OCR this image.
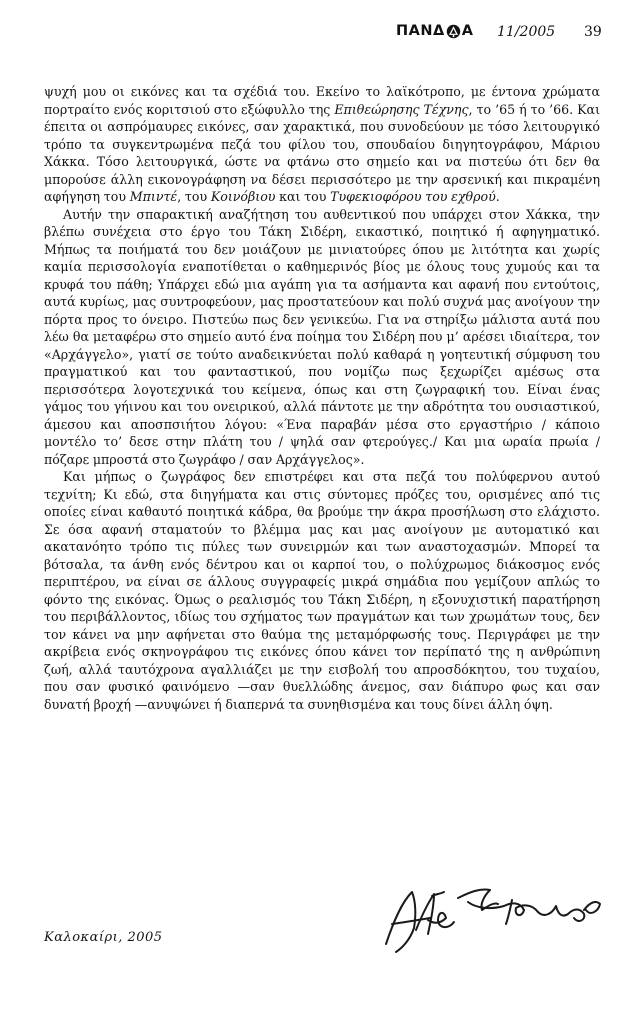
ΠΑΝΔ Α 11/2005 39

ψυχή μου οι εικόνες και τα σχέδιά του. Εκείνο το λαϊκότροπο, με έντονα χρώματα πορτραίτο ενός κοριτσιού στο εξώφυλλο της Επιθεώρησης Τέχνης, το ’65 ή το ’66. Και έπειτα οι ασπρόμαυρες εικόνες, σαν χαρακτικά, που συνοδεύουν με τόσο λειτουργικό τρόπο τα συγκεντρωμένα πεζά του φίλου του, σπουδαίου διηγητογράφου, Μάριου Χάκκα. Τόσο λειτουργικά, ώστε να φτάνω στο σημείο και να πιστεύω ότι δεν θα μπορούσε άλλη εικονογράφηση να δέσει περισσότερο με την αρσενική και πικραμένη αφήγηση του Μπιντέ, του Κοινόβιου και του Τυφεκιοφόρου του εχθρού.

Αυτήν την σπαρακτική αναζήτηση του αυθεντικού που υπάρχει στον Χάκκα, την βλέπω συνέχεια στο έργο του Τάκη Σιδέρη, εικαστικό, ποιητικό ή αφηγηματικό. Μήπως τα ποιήματά του δεν μοιάζουν με μινιατούρες όπου με λιτότητα και χωρίς καμία περισσολογία εναποτίθεται ο καθημερινός βίος με όλους τους χυμούς και τα κρυφά του πάθη; Υπάρχει εδώ μια αγάπη για τα ασήμαντα και αφανή που εντούτοις, αυτά κυρίως, μας συντροφεύουν, μας προστατεύουν και πολύ συχνά μας ανοίγουν την πόρτα προς το όνειρο. Πιστεύω πως δεν γενικεύω. Για να στηρίξω μάλιστα αυτά που λέω θα μεταφέρω στο σημείο αυτό ένα ποίημα του Σιδέρη που μ’ αρέσει ιδιαίτερα, τον «Αρχάγγελο», γιατί σε τούτο αναδεικνύεται πολύ καθαρά η γοητευτική σύμφυση του πραγματικού και του φανταστικού, που νομίζω πως ξεχωρίζει αμέσως στα περισσότερα λογοτεχνικά του κείμενα, όπως και στη ζωγραφική του. Είναι ένας γάμος του γήινου και του ονειρικού, αλλά πάντοτε με την αδρότητα του ουσιαστικού, άμεσου και αποσπσιήτου λόγου: «Ένα παραβάν μέσα στο εργαστήριο / κάποιο μοντέλο το’ δεσε στην πλάτη του / ψηλά σαν φτερούγες./ Και μια ωραία πρωία / πόζαρε μπροστά στο ζωγράφο / σαν Αρχάγγελος».

Και μήπως ο ζωγράφος δεν επιστρέφει και στα πεζά του πολύφερνου αυτού τεχνίτη; Κι εδώ, στα διηγήματα και στις σύντομες πρόζες του, ορισμένες από τις οποίες είναι καθαυτό ποιητικά κάδρα, θα βρούμε την άκρα προσήλωση στο ελάχιστο. Σε όσα αφανή σταματούν το βλέμμα μας και μας ανοίγουν με αυτοματικό και ακατανόητο τρόπο τις πύλες των συνειρμών και των αναστοχασμών. Μπορεί τα βότσαλα, τα άνθη ενός δέντρου και οι καρποί του, ο πολύχρωμος διάκοσμος ενός περιπτέρου, να είναι σε άλλους συγγραφείς μικρά σημάδια που γεμίζουν απλώς το φόντο της εικόνας. Όμως ο ρεαλισμός του Τάκη Σιδέρη, η εξονυχιστική παρατήρηση του περιβάλλοντος, ιδίως του σχήματος των πραγμάτων και των χρωμάτων τους, δεν τον κάνει να μην αφήνεται στο θαύμα της μεταμόρφωσής τους. Περιγράφει με την ακρίβεια ενός σκηνογράφου τις εικόνες όπου κάνει τον περίπατό της η ανθρώπινη ζωή, αλλά ταυτόχρονα αγαλλιάζει με την εισβολή του απροσδόκητου, του τυχαίου, που σαν φυσικό φαινόμενο —σαν θυελλώδης άνεμος, σαν διάπυρο φως και σαν δυνατή βροχή —ανυψώνει ή διαπερνά τα συνηθισμένα και τους δίνει άλλη όψη.

Καλοκαίρι, 2005
